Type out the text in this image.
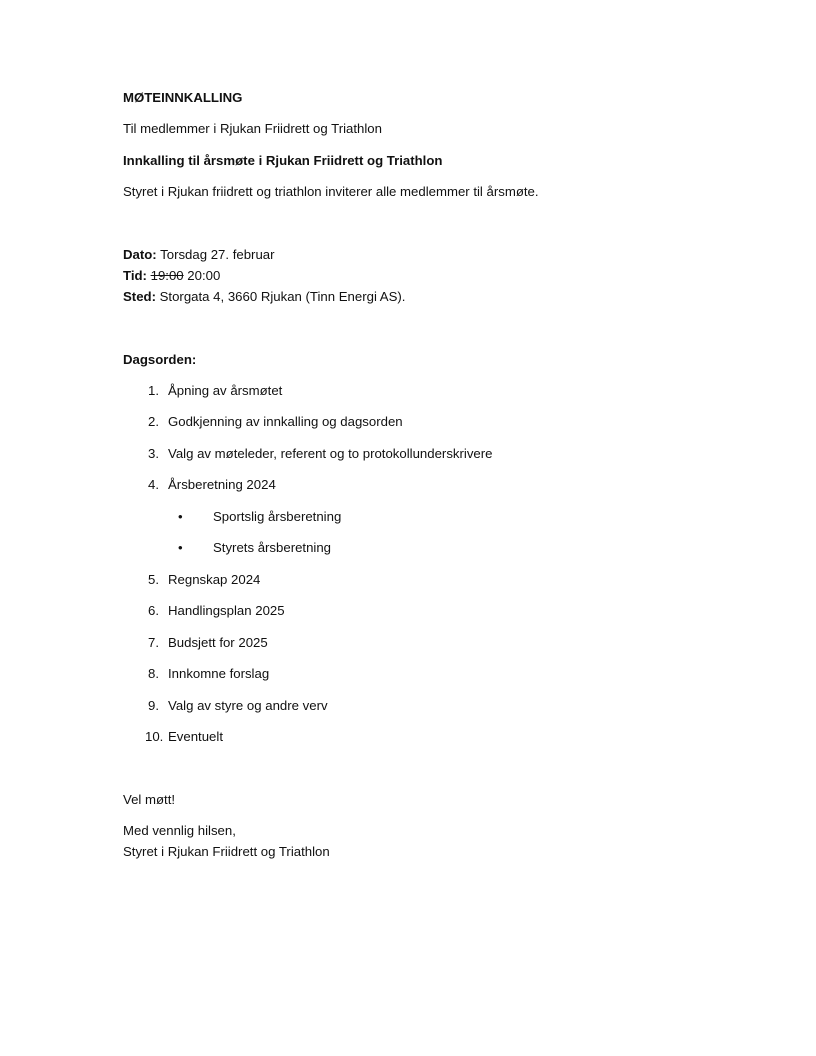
MØTEINNKALLING
Til medlemmer i Rjukan Friidrett og Triathlon
Innkalling til årsmøte i Rjukan Friidrett og Triathlon
Styret i Rjukan friidrett og triathlon inviterer alle medlemmer til årsmøte.
Dato: Torsdag 27. februar
Tid: 19:00 20:00
Sted: Storgata 4, 3660 Rjukan (Tinn Energi AS).
Dagsorden:
1. Åpning av årsmøtet
2. Godkjenning av innkalling og dagsorden
3. Valg av møteleder, referent og to protokollunderskrivere
4. Årsberetning 2024
• Sportslig årsberetning
• Styrets årsberetning
5. Regnskap 2024
6. Handlingsplan 2025
7. Budsjett for 2025
8. Innkomne forslag
9. Valg av styre og andre verv
10. Eventuelt
Vel møtt!
Med vennlig hilsen,
Styret i Rjukan Friidrett og Triathlon
